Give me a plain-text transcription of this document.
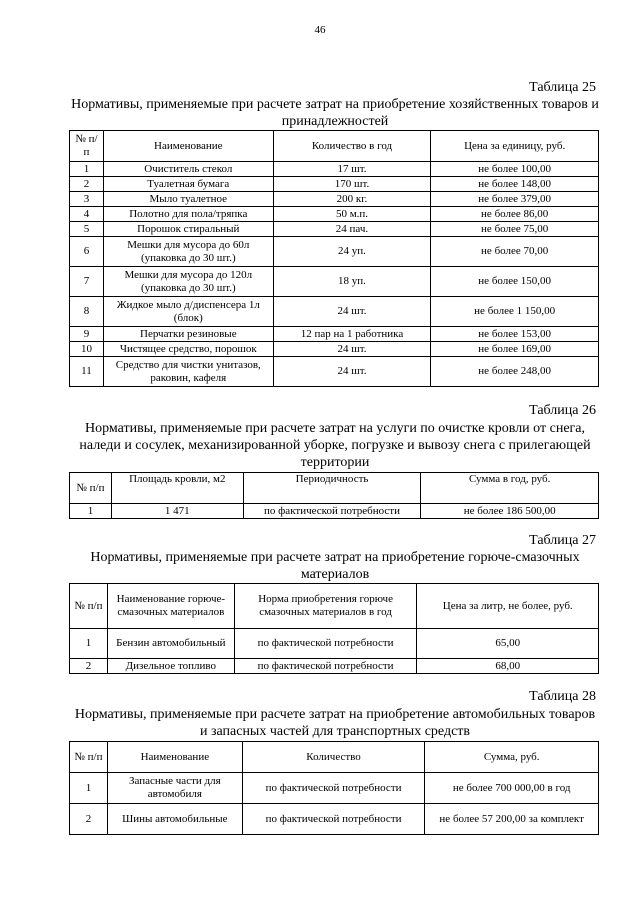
46
Таблица 25
Нормативы, применяемые при расчете затрат на приобретение хозяйственных товаров и принадлежностей
№ п/п	Наименование	Количество в год	Цена за единицу, руб.
1	Очиститель стекол	17 шт.	не более 100,00
2	Туалетная бумага	170 шт.	не более 148,00
3	Мыло туалетное	200 кг.	не более 379,00
4	Полотно для пола/тряпка	50 м.п.	не более 86,00
5	Порошок стиральный	24 пач.	не более 75,00
6	Мешки для мусора до 60л (упаковка до 30 шт.)	24 уп.	не более 70,00
7	Мешки для мусора до 120л (упаковка до 30 шт.)	18 уп.	не более 150,00
8	Жидкое мыло д/диспенсера 1л (блок)	24 шт.	не более 1 150,00
9	Перчатки резиновые	12 пар на 1 работника	не более 153,00
10	Чистящее средство, порошок	24 шт.	не более 169,00
11	Средство для чистки унитазов, раковин, кафеля	24 шт.	не более 248,00
Таблица 26
Нормативы, применяемые при расчете затрат на услуги по очистке кровли от снега, наледи и сосулек, механизированной уборке, погрузке и вывозу снега с прилегающей территории
№ п/п	Площадь кровли, м2	Периодичность	Сумма в год, руб.
1	1 471	по фактической потребности	не более 186 500,00
Таблица 27
Нормативы, применяемые при расчете затрат на приобретение горюче-смазочных материалов
№ п/п	Наименование горюче-смазочных материалов	Норма приобретения горюче смазочных материалов в год	Цена за литр, не более, руб.
1	Бензин автомобильный	по фактической потребности	65,00
2	Дизельное топливо	по фактической потребности	68,00
Таблица 28
Нормативы, применяемые при расчете затрат на приобретение автомобильных товаров и запасных частей для транспортных средств
№ п/п	Наименование	Количество	Сумма, руб.
1	Запасные части для автомобиля	по фактической потребности	не более 700 000,00 в год
2	Шины автомобильные	по фактической потребности	не более 57 200,00 за комплект
